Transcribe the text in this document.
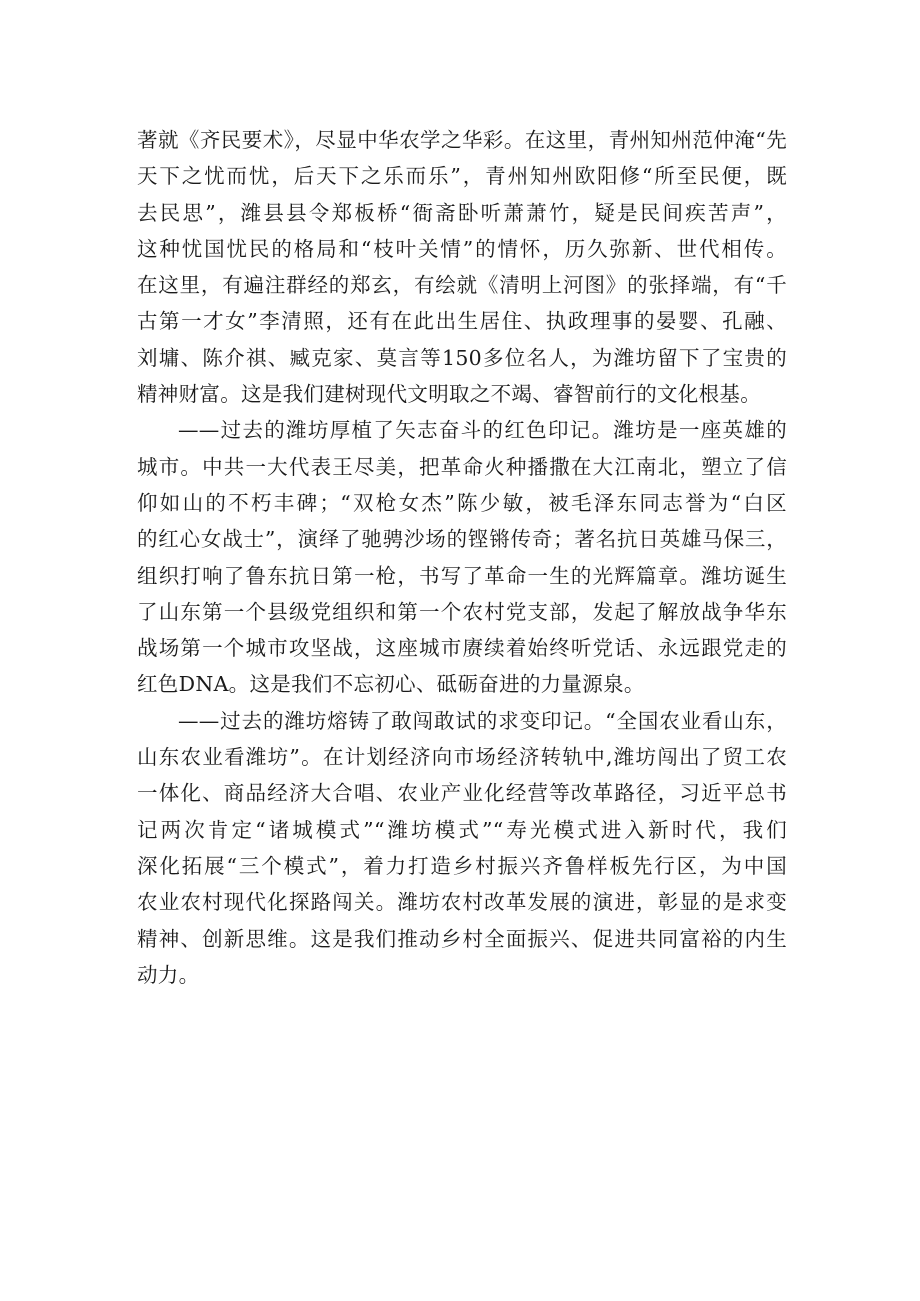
著就《齐民要术》，尽显中华农学之华彩。在这里，青州知州范仲淹“先
天下之忧而忧，后天下之乐而乐”，青州知州欧阳修“所至民便，既
去民思”，潍县县令郑板桥“衙斋卧听萧萧竹，疑是民间疾苦声”，
这种忧国忧民的格局和“枝叶关情”的情怀，历久弥新、世代相传。
在这里，有遍注群经的郑玄，有绘就《清明上河图》的张择端，有“千
古第一才女”李清照，还有在此出生居住、执政理事的晏婴、孔融、
刘墉、陈介祺、臧克家、莫言等150多位名人，为潍坊留下了宝贵的
精神财富。这是我们建树现代文明取之不竭、睿智前行的文化根基。
——过去的潍坊厚植了矢志奋斗的红色印记。潍坊是一座英雄的
城市。中共一大代表王尽美，把革命火种播撒在大江南北，塑立了信
仰如山的不朽丰碑；“双枪女杰”陈少敏，被毛泽东同志誉为“白区
的红心女战士”，演绎了驰骋沙场的铿锵传奇；著名抗日英雄马保三，
组织打响了鲁东抗日第一枪，书写了革命一生的光辉篇章。潍坊诞生
了山东第一个县级党组织和第一个农村党支部，发起了解放战争华东
战场第一个城市攻坚战，这座城市赓续着始终听党话、永远跟党走的
红色DNA。这是我们不忘初心、砥砺奋进的力量源泉。
——过去的潍坊熔铸了敢闯敢试的求变印记。“全国农业看山东，
山东农业看潍坊”。在计划经济向市场经济转轨中,潍坊闯出了贸工农
一体化、商品经济大合唱、农业产业化经营等改革路径，习近平总书
记两次肯定“诸城模式”“潍坊模式”“寿光模式进入新时代，我们
深化拓展“三个模式”，着力打造乡村振兴齐鲁样板先行区，为中国
农业农村现代化探路闯关。潍坊农村改革发展的演进，彰显的是求变
精神、创新思维。这是我们推动乡村全面振兴、促进共同富裕的内生
动力。
